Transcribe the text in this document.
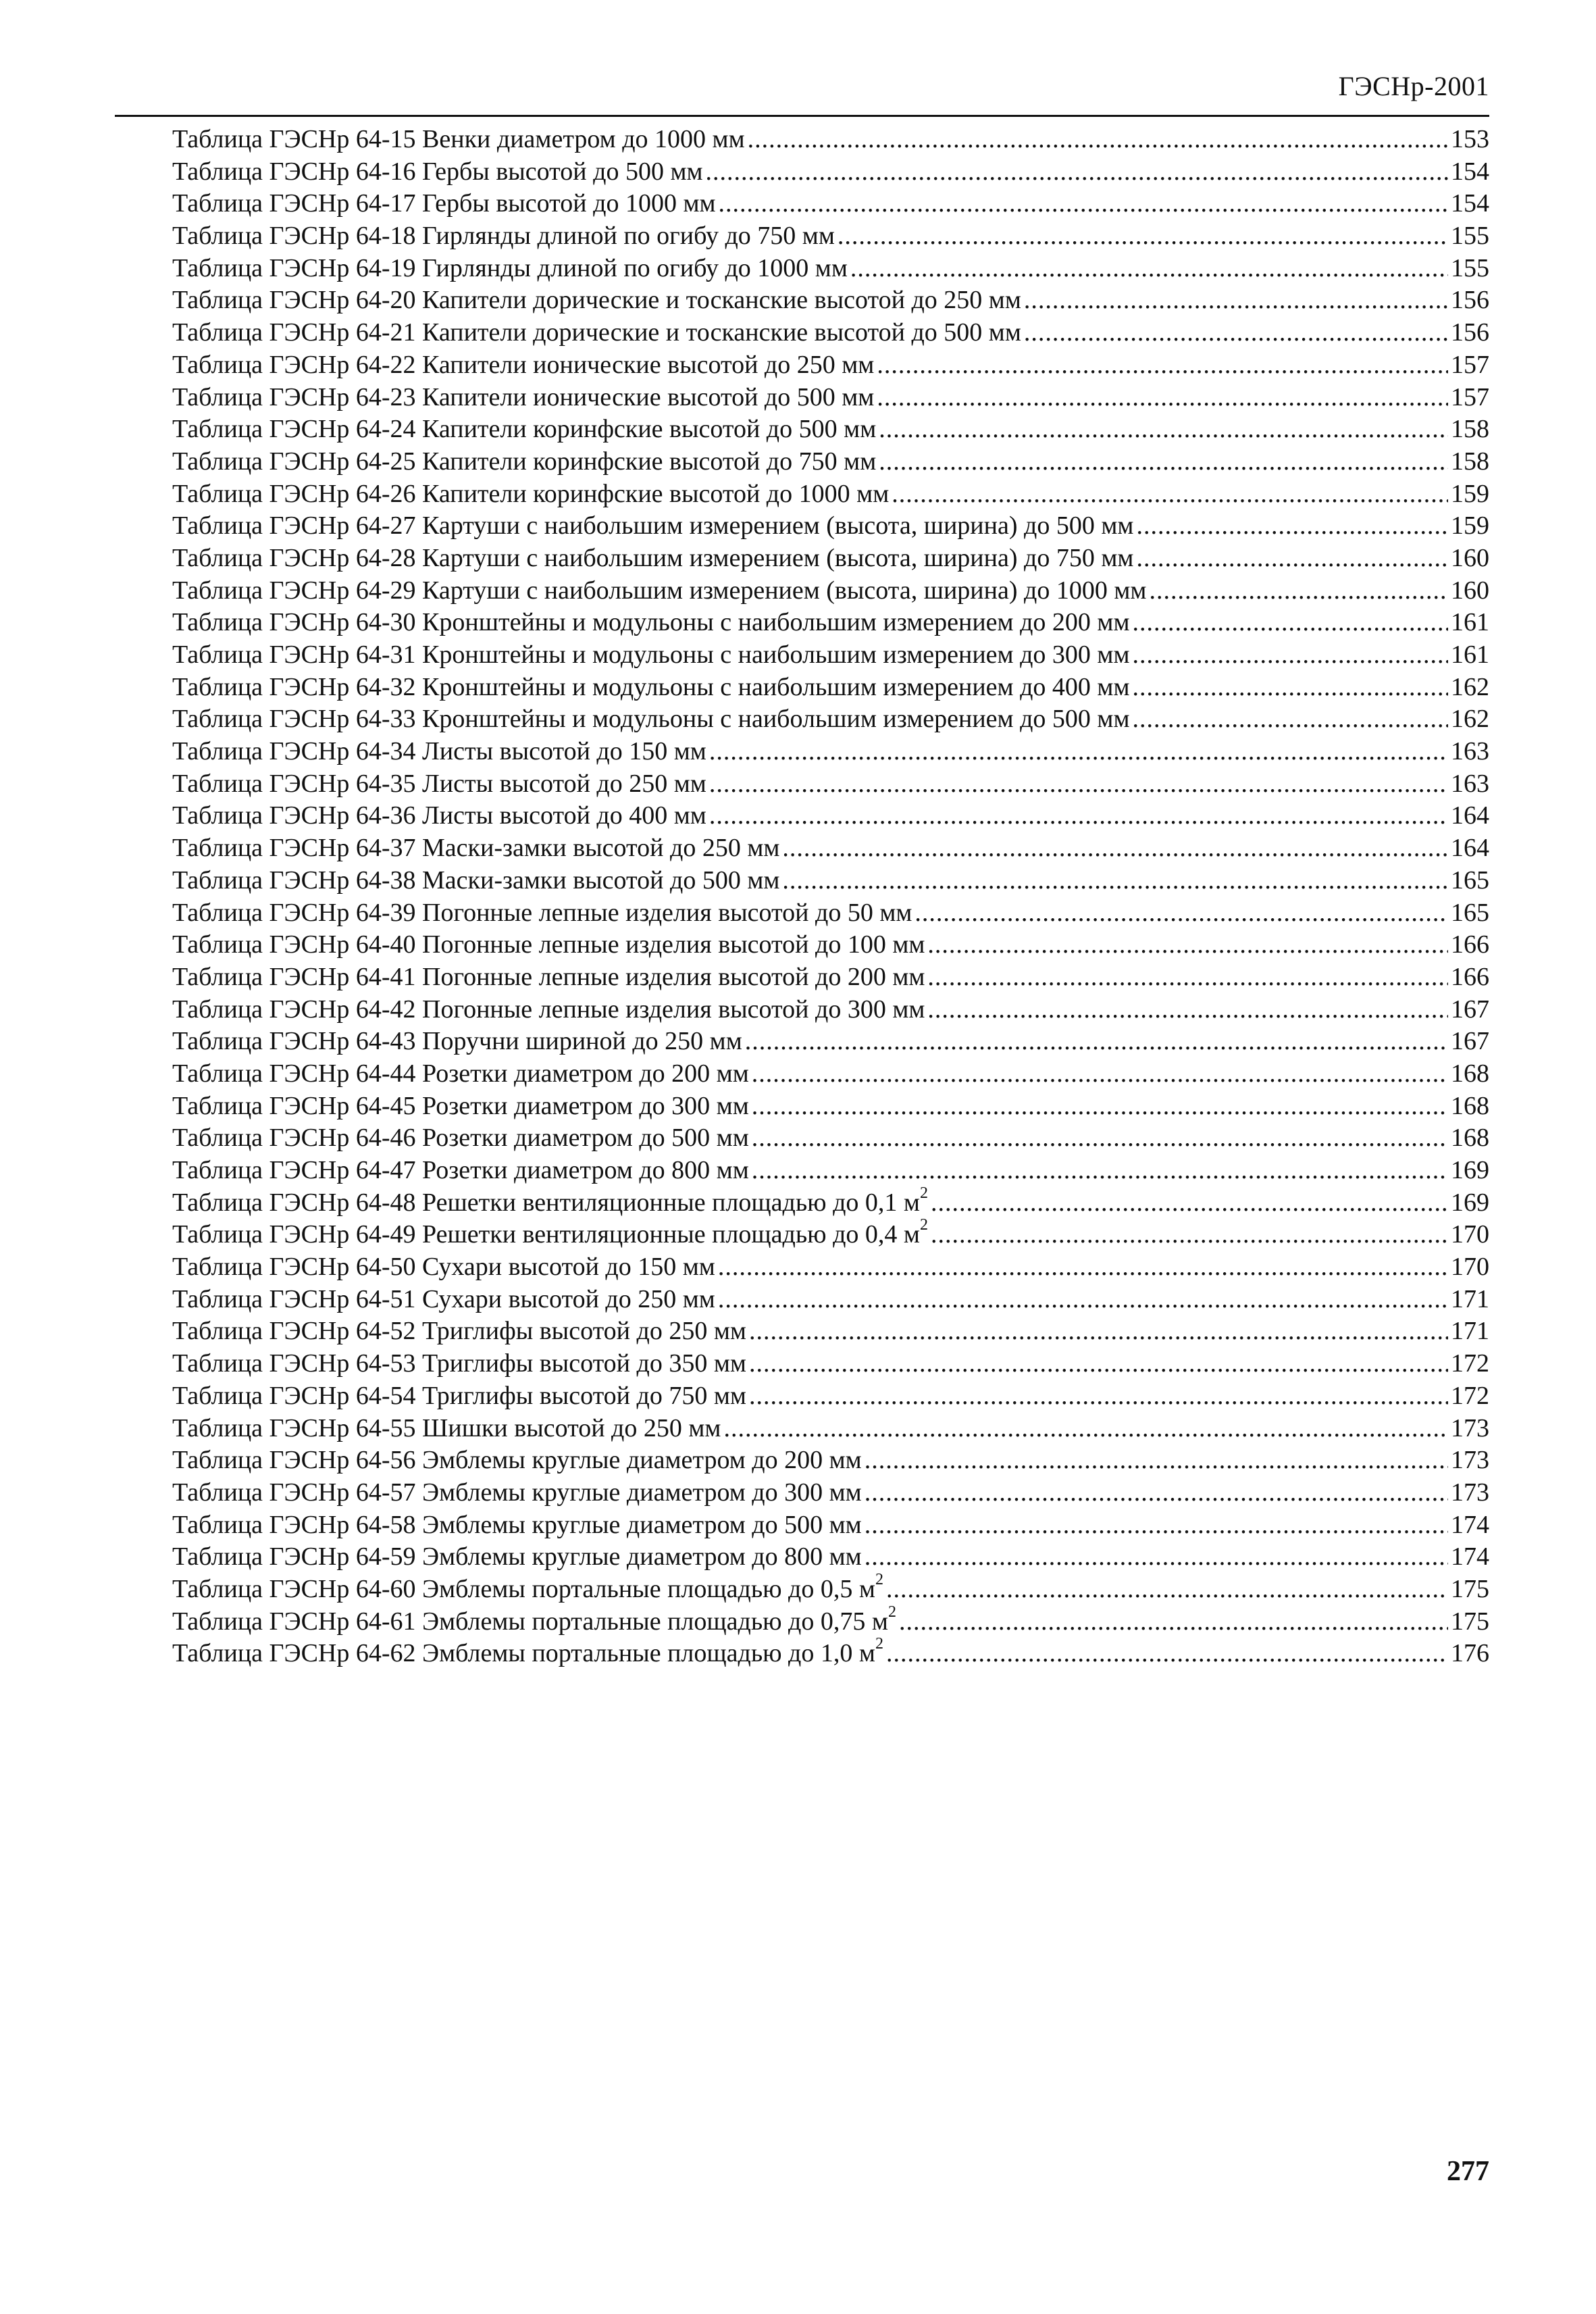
ГЭСНр-2001
Таблица ГЭСНр 64-15 Венки диаметром до 1000 мм .....	153
Таблица ГЭСНр 64-16 Гербы высотой до 500 мм .....	154
Таблица ГЭСНр 64-17 Гербы высотой до 1000 мм .....	154
Таблица ГЭСНр 64-18 Гирлянды длиной по огибу до 750 мм .....	155
Таблица ГЭСНр 64-19 Гирлянды длиной по огибу до 1000 мм .....	155
Таблица ГЭСНр 64-20 Капители дорические и тосканские высотой до 250 мм .....	156
Таблица ГЭСНр 64-21 Капители дорические и тосканские высотой до 500 мм .....	156
Таблица ГЭСНр 64-22 Капители ионические высотой до 250 мм .....	157
Таблица ГЭСНр 64-23 Капители ионические высотой до 500 мм .....	157
Таблица ГЭСНр 64-24 Капители коринфские высотой до 500 мм .....	158
Таблица ГЭСНр 64-25 Капители коринфские высотой до 750 мм .....	158
Таблица ГЭСНр 64-26 Капители коринфские высотой до 1000 мм .....	159
Таблица ГЭСНр 64-27 Картуши с наибольшим измерением (высота, ширина) до 500 мм .....	159
Таблица ГЭСНр 64-28 Картуши с наибольшим измерением (высота, ширина) до 750 мм .....	160
Таблица ГЭСНр 64-29 Картуши с наибольшим измерением (высота, ширина) до 1000 мм .....	160
Таблица ГЭСНр 64-30 Кронштейны и модульоны с наибольшим измерением до 200 мм .....	161
Таблица ГЭСНр 64-31 Кронштейны и модульоны с наибольшим измерением до 300 мм .....	161
Таблица ГЭСНр 64-32 Кронштейны и модульоны с наибольшим измерением до 400 мм .....	162
Таблица ГЭСНр 64-33 Кронштейны и модульоны с наибольшим измерением до 500 мм .....	162
Таблица ГЭСНр 64-34 Листы высотой до 150 мм .....	163
Таблица ГЭСНр 64-35 Листы высотой до 250 мм .....	163
Таблица ГЭСНр 64-36 Листы высотой до 400 мм .....	164
Таблица ГЭСНр 64-37 Маски-замки высотой до 250 мм .....	164
Таблица ГЭСНр 64-38 Маски-замки высотой до 500 мм .....	165
Таблица ГЭСНр 64-39 Погонные лепные изделия высотой до 50 мм .....	165
Таблица ГЭСНр 64-40 Погонные лепные изделия высотой до 100 мм .....	166
Таблица ГЭСНр 64-41 Погонные лепные изделия высотой до 200 мм .....	166
Таблица ГЭСНр 64-42 Погонные лепные изделия высотой до 300 мм .....	167
Таблица ГЭСНр 64-43 Поручни шириной до 250 мм .....	167
Таблица ГЭСНр 64-44 Розетки диаметром до 200 мм .....	168
Таблица ГЭСНр 64-45 Розетки диаметром до 300 мм .....	168
Таблица ГЭСНр 64-46 Розетки диаметром до 500 мм .....	168
Таблица ГЭСНр 64-47 Розетки диаметром до 800 мм .....	169
Таблица ГЭСНр 64-48 Решетки вентиляционные площадью до 0,1 $м^2$ .....	169
Таблица ГЭСНр 64-49 Решетки вентиляционные площадью до 0,4 $м^2$ .....	170
Таблица ГЭСНр 64-50 Сухари высотой до 150 мм .....	170
Таблица ГЭСНр 64-51 Сухари высотой до 250 мм .....	171
Таблица ГЭСНр 64-52 Триглифы высотой до 250 мм .....	171
Таблица ГЭСНр 64-53 Триглифы высотой до 350 мм .....	172
Таблица ГЭСНр 64-54 Триглифы высотой до 750 мм .....	172
Таблица ГЭСНр 64-55 Шишки высотой до 250 мм .....	173
Таблица ГЭСНр 64-56 Эмблемы круглые диаметром до 200 мм .....	173
Таблица ГЭСНр 64-57 Эмблемы круглые диаметром до 300 мм .....	173
Таблица ГЭСНр 64-58 Эмблемы круглые диаметром до 500 мм .....	174
Таблица ГЭСНр 64-59 Эмблемы круглые диаметром до 800 мм .....	174
Таблица ГЭСНр 64-60 Эмблемы портальные площадью до 0,5 $м^2$ .....	175
Таблица ГЭСНр 64-61 Эмблемы портальные площадью до 0,75 $м^2$ .....	175
Таблица ГЭСНр 64-62 Эмблемы портальные площадью до 1,0 $м^2$ .....	176
277
